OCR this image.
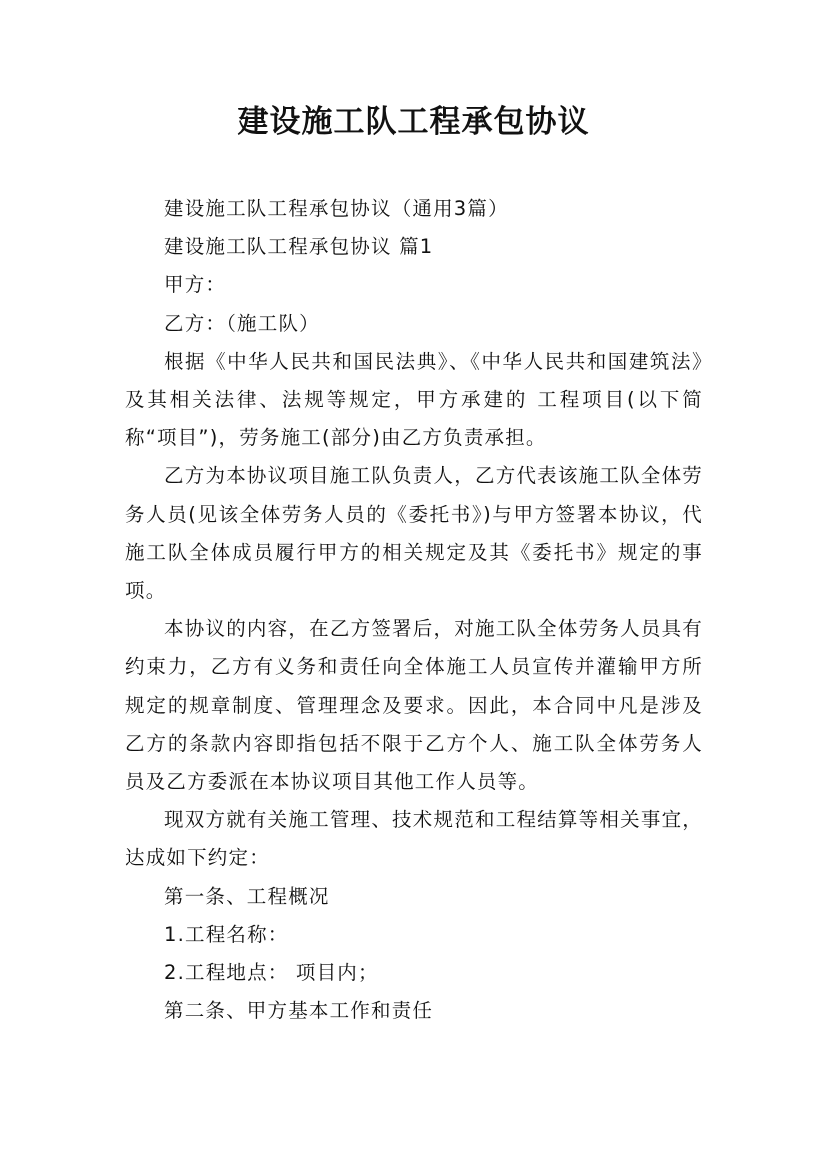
建设施工队工程承包协议

建设施工队工程承包协议（通用3篇）

建设施工队工程承包协议 篇1

甲方：

乙方：（施工队）

根据《中华人民共和国民法典》、《中华人民共和国建筑法》及其相关法律、法规等规定，甲方承建的 工程项目(以下简称“项目”)，劳务施工(部分)由乙方负责承担。

乙方为本协议项目施工队负责人，乙方代表该施工队全体劳务人员(见该全体劳务人员的《委托书》)与甲方签署本协议，代施工队全体成员履行甲方的相关规定及其《委托书》规定的事项。

本协议的内容，在乙方签署后，对施工队全体劳务人员具有约束力，乙方有义务和责任向全体施工人员宣传并灌输甲方所规定的规章制度、管理理念及要求。因此，本合同中凡是涉及乙方的条款内容即指包括不限于乙方个人、施工队全体劳务人员及乙方委派在本协议项目其他工作人员等。

现双方就有关施工管理、技术规范和工程结算等相关事宜，达成如下约定：

第一条、工程概况

1.工程名称：

2.工程地点： 项目内；

第二条、甲方基本工作和责任
